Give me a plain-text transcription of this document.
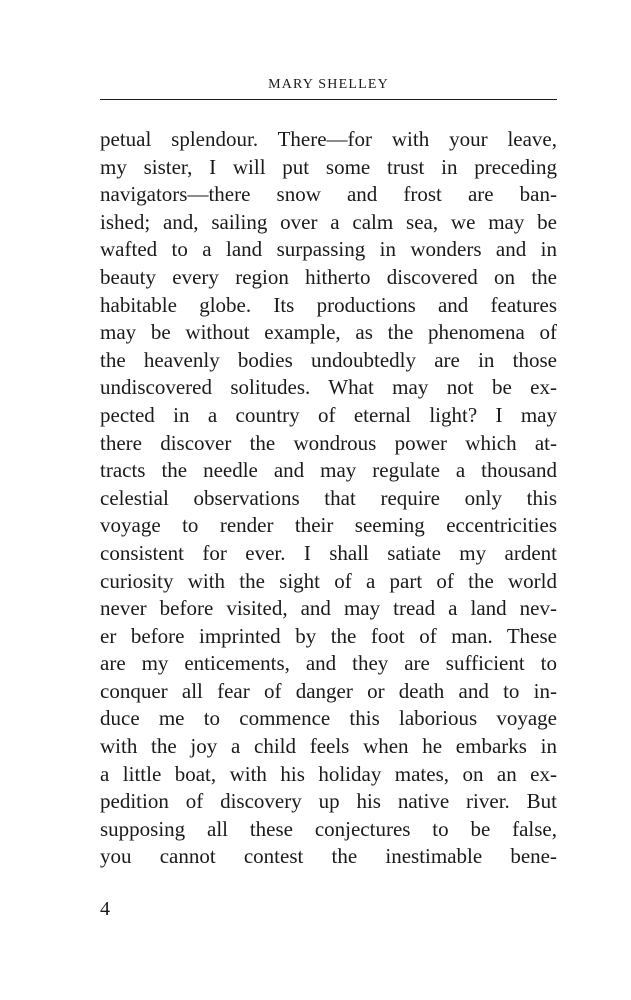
MARY SHELLEY
petual splendour. There—for with your leave,
my sister, I will put some trust in preceding
navigators—there snow and frost are ban-
ished; and, sailing over a calm sea, we may be
wafted to a land surpassing in wonders and in
beauty every region hitherto discovered on the
habitable globe. Its productions and features
may be without example, as the phenomena of
the heavenly bodies undoubtedly are in those
undiscovered solitudes. What may not be ex-
pected in a country of eternal light? I may
there discover the wondrous power which at-
tracts the needle and may regulate a thousand
celestial observations that require only this
voyage to render their seeming eccentricities
consistent for ever. I shall satiate my ardent
curiosity with the sight of a part of the world
never before visited, and may tread a land nev-
er before imprinted by the foot of man. These
are my enticements, and they are sufficient to
conquer all fear of danger or death and to in-
duce me to commence this laborious voyage
with the joy a child feels when he embarks in
a little boat, with his holiday mates, on an ex-
pedition of discovery up his native river. But
supposing all these conjectures to be false,
you cannot contest the inestimable bene-
4
